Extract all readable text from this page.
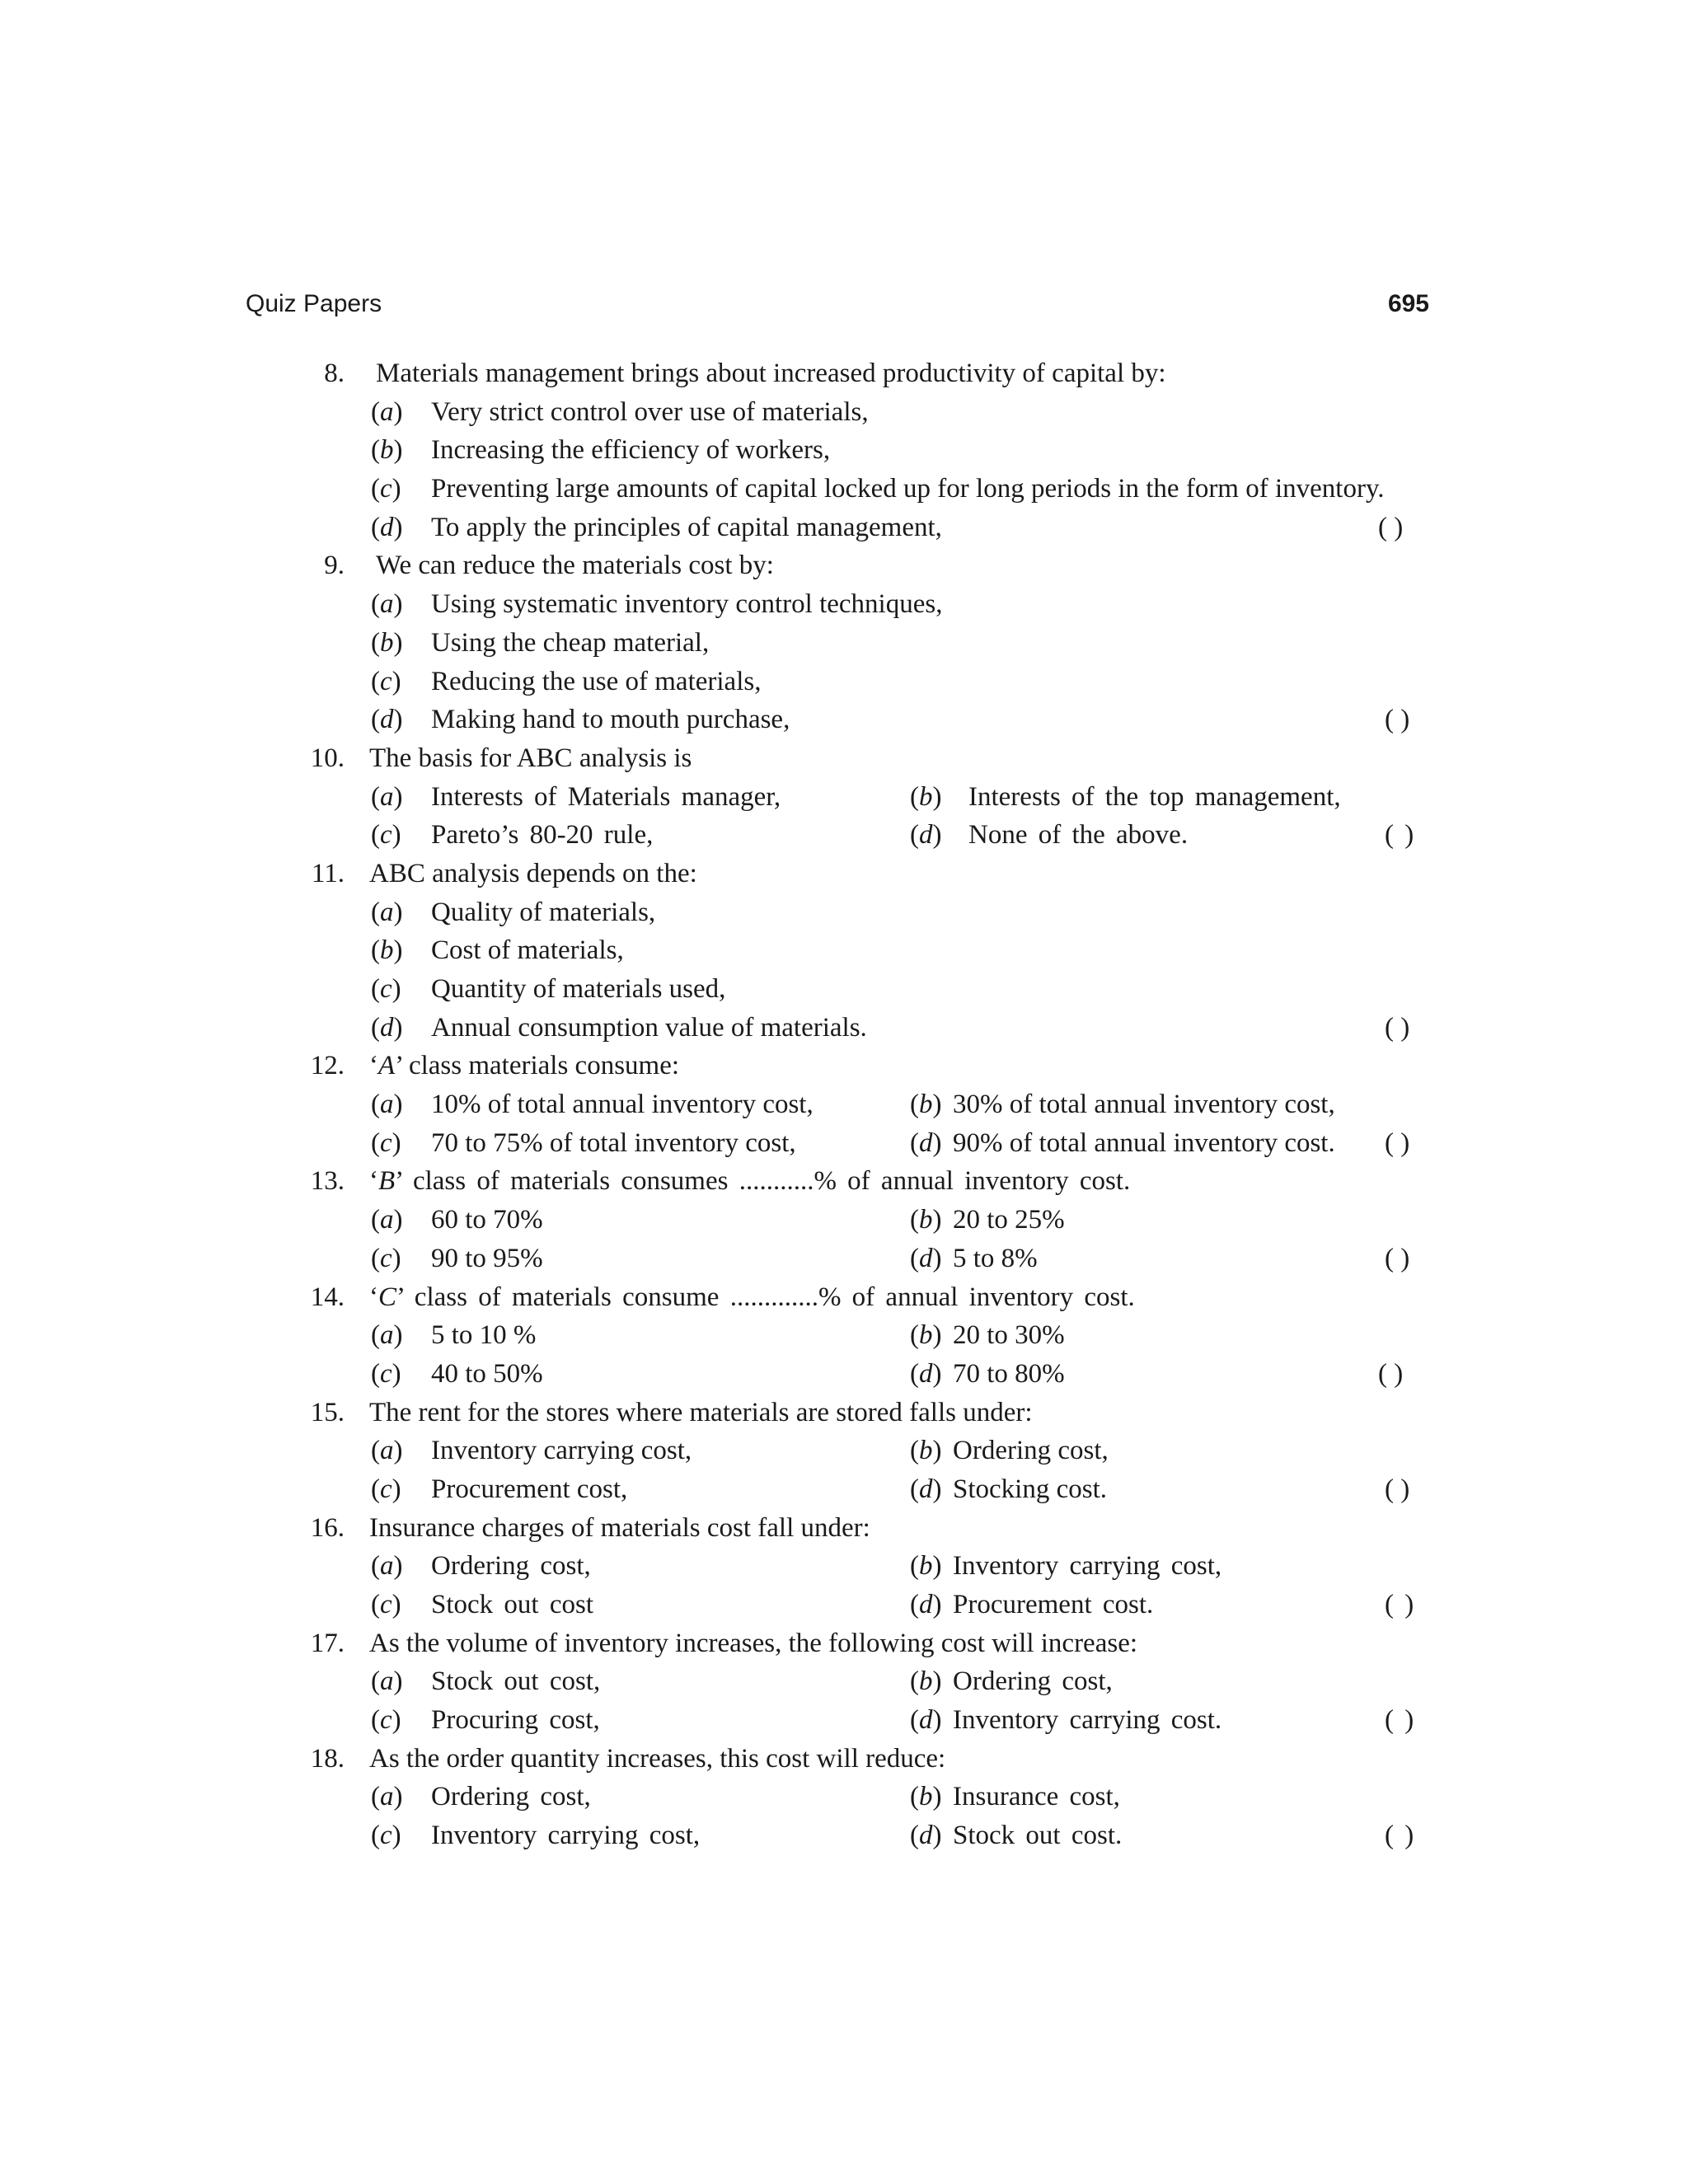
Quiz Papers	695
8. Materials management brings about increased productivity of capital by:
(a) Very strict control over use of materials,
(b) Increasing the efficiency of workers,
(c) Preventing large amounts of capital locked up for long periods in the form of inventory.
(d) To apply the principles of capital management,	( )
9. We can reduce the materials cost by:
(a) Using systematic inventory control techniques,
(b) Using the cheap material,
(c) Reducing the use of materials,
(d) Making hand to mouth purchase,	( )
10. The basis for ABC analysis is
(a) Interests of Materials manager,	(b) Interests of the top management,
(c) Pareto’s 80-20 rule,	(d) None of the above.	( )
11. ABC analysis depends on the:
(a) Quality of materials,
(b) Cost of materials,
(c) Quantity of materials used,
(d) Annual consumption value of materials.	( )
12. ‘A’ class materials consume:
(a) 10% of total annual inventory cost,	(b) 30% of total annual inventory cost,
(c) 70 to 75% of total inventory cost,	(d) 90% of total annual inventory cost. ( )
13. ‘B’ class of materials consumes ...........% of annual inventory cost.
(a) 60 to 70%	(b) 20 to 25%
(c) 90 to 95%	(d) 5 to 8%	( )
14. ‘C’ class of materials consume .............% of annual inventory cost.
(a) 5 to 10 %	(b) 20 to 30%
(c) 40 to 50%	(d) 70 to 80%	( )
15. The rent for the stores where materials are stored falls under:
(a) Inventory carrying cost,	(b) Ordering cost,
(c) Procurement cost,	(d) Stocking cost.	( )
16. Insurance charges of materials cost fall under:
(a) Ordering cost,	(b) Inventory carrying cost,
(c) Stock out cost	(d) Procurement cost.	( )
17. As the volume of inventory increases, the following cost will increase:
(a) Stock out cost,	(b) Ordering cost,
(c) Procuring cost,	(d) Inventory carrying cost.	( )
18. As the order quantity increases, this cost will reduce:
(a) Ordering cost,	(b) Insurance cost,
(c) Inventory carrying cost,	(d) Stock out cost.	( )
